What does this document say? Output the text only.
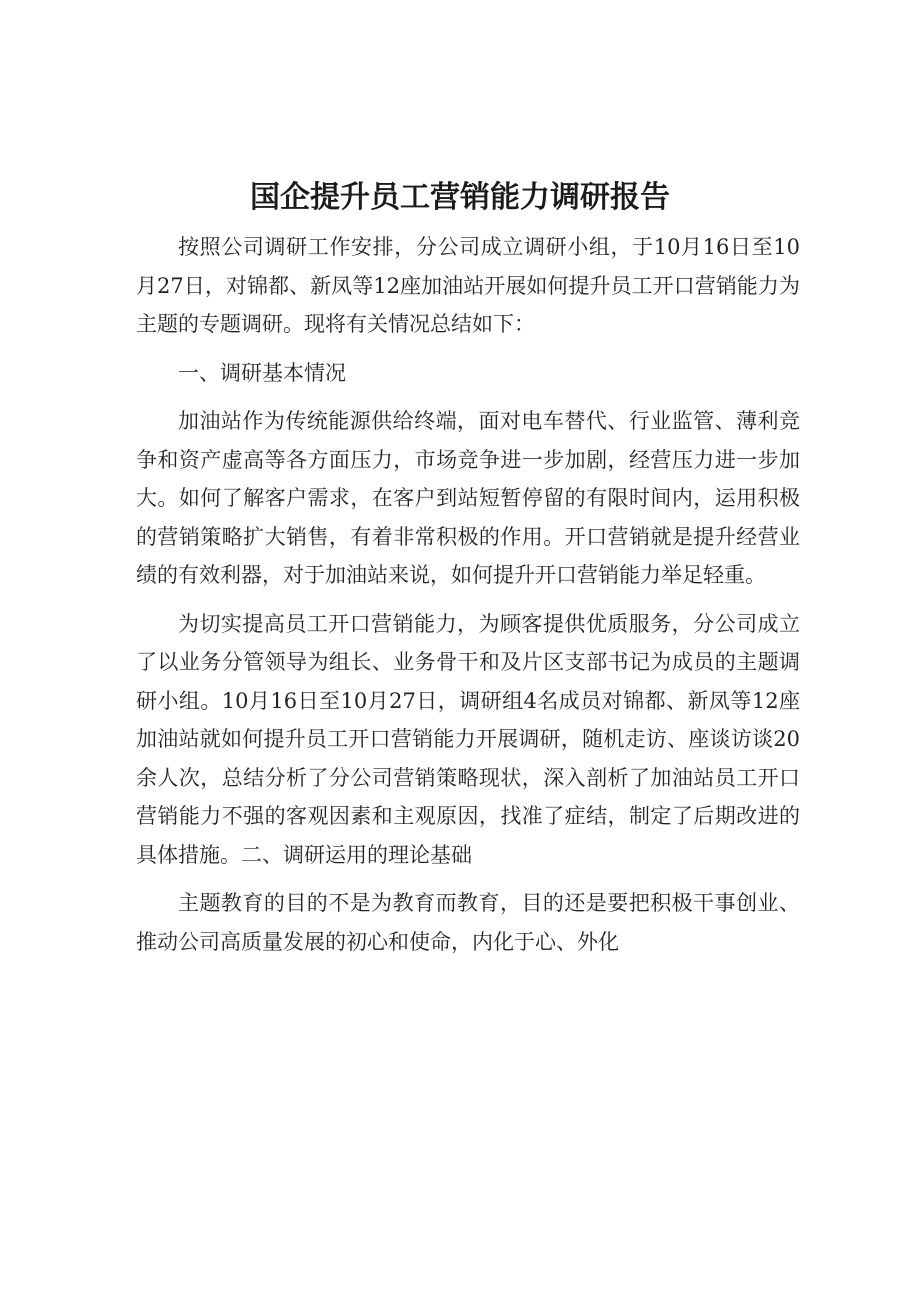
国企提升员工营销能力调研报告

按照公司调研工作安排，分公司成立调研小组，于10月16日至10月27日，对锦都、新凤等12座加油站开展如何提升员工开口营销能力为主题的专题调研。现将有关情况总结如下：

一、调研基本情况

加油站作为传统能源供给终端，面对电车替代、行业监管、薄利竞争和资产虚高等各方面压力，市场竞争进一步加剧，经营压力进一步加大。如何了解客户需求，在客户到站短暂停留的有限时间内，运用积极的营销策略扩大销售，有着非常积极的作用。开口营销就是提升经营业绩的有效利器，对于加油站来说，如何提升开口营销能力举足轻重。

为切实提高员工开口营销能力，为顾客提供优质服务，分公司成立了以业务分管领导为组长、业务骨干和及片区支部书记为成员的主题调研小组。10月16日至10月27日，调研组4名成员对锦都、新凤等12座加油站就如何提升员工开口营销能力开展调研，随机走访、座谈访谈20余人次，总结分析了分公司营销策略现状，深入剖析了加油站员工开口营销能力不强的客观因素和主观原因，找准了症结，制定了后期改进的具体措施。二、调研运用的理论基础

主题教育的目的不是为教育而教育，目的还是要把积极干事创业、推动公司高质量发展的初心和使命，内化于心、外化
